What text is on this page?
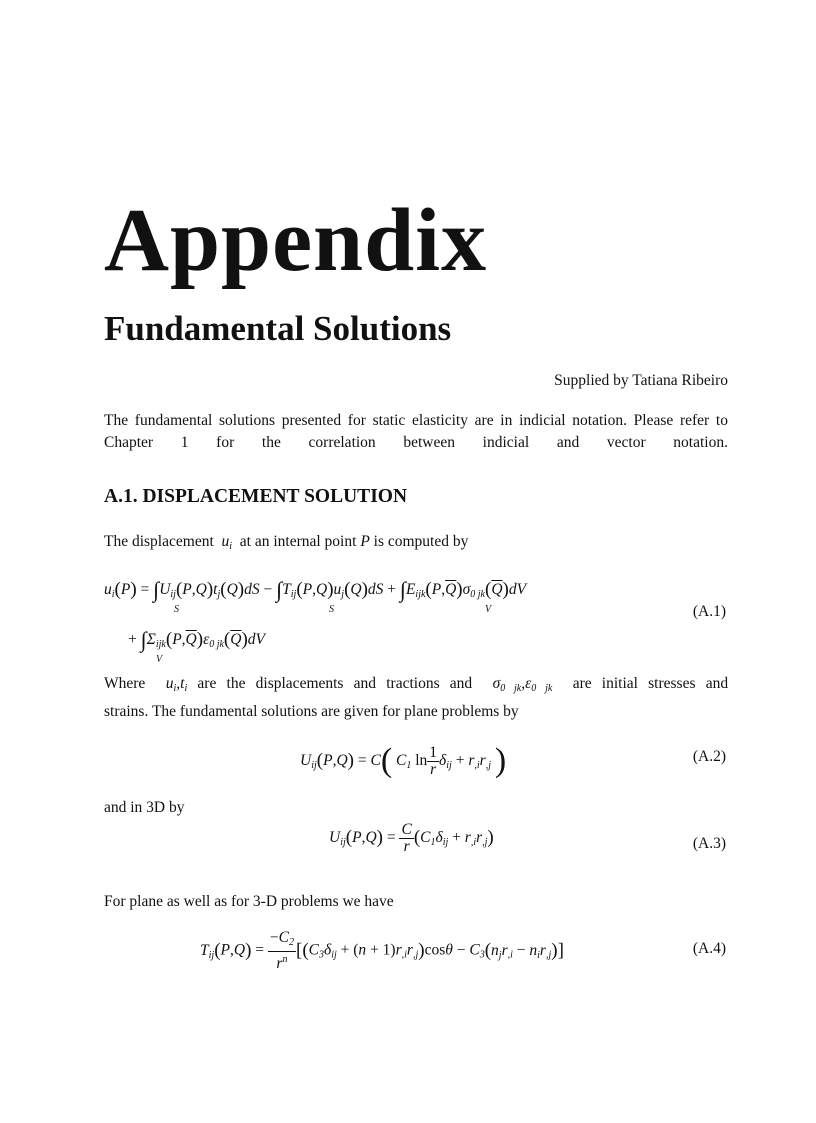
Appendix
Fundamental Solutions
Supplied by Tatiana Ribeiro
The fundamental solutions presented for static elasticity are in indicial notation. Please refer to Chapter 1 for the correlation between indicial and vector notation.
A.1. DISPLACEMENT SOLUTION
The displacement  $u_i$ at an internal point P is computed by
$u_i(P) = \int U_{ij}(P,Q)t_j(Q)dS - \int T_{ij}(P,Q)u_j(Q)dS + \int E_{ijk}(P,\overline{Q})\sigma_{0 jk}(\overline{Q})dV$
S	S	V	(A.1)
+ $\int\Sigma_{ijk}(P,\overline{Q})\varepsilon_{0 jk}(\overline{Q})dV$
V
Where  $u_i,t_i$ are the displacements and tractions and  $\sigma_{0 jk},\varepsilon_{0 jk}$ are initial stresses and
strains. The fundamental solutions are given for plane problems by
$U_{ij}(P,Q) = C$( $C_1$ $\ln \frac{1}{r} \delta_{ij} + r_{,i}r_{,j}$ )	(A.2)
and in 3D by
$U_{ij}(P,Q) = \frac{C}{r} (C_1\delta_{ij} + r_{,i}r_{,j})$	(A.3)
For plane as well as for 3-D problems we have
$T_{ij}(P,Q) = \frac{-C_2}{r^n} [(C_3\delta_{ij} + (n + 1)r_{,i}r_{,j})\cos\theta - C_3(n_jr_{,i} - n_ir_{,j})]$	(A.4)
